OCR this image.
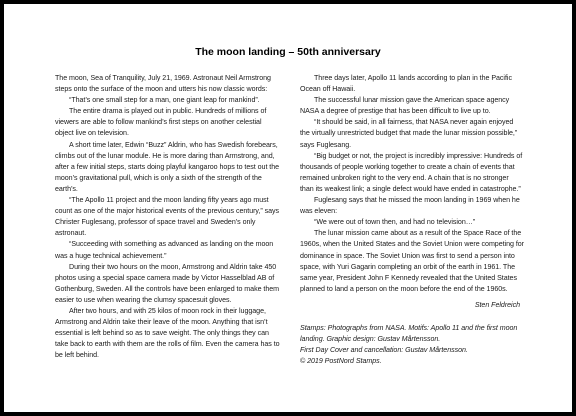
The moon landing – 50th anniversary

The moon, Sea of Tranquility, July 21, 1969. Astronaut Neil Armstrong steps onto the surface of the moon and utters his now classic words:

“That’s one small step for a man, one giant leap for mankind”.

The entire drama is played out in public. Hundreds of millions of viewers are able to follow mankind’s first steps on another celestial object live on television.

A short time later, Edwin “Buzz” Aldrin, who has Swedish forebears, climbs out of the lunar module. He is more daring than Armstrong, and, after a few initial steps, starts doing playful kangaroo hops to test out the moon’s gravitational pull, which is only a sixth of the strength of the earth’s.

“The Apollo 11 project and the moon landing fifty years ago must count as one of the major historical events of the previous century,” says Christer Fuglesang, professor of space travel and Sweden’s only astronaut.

“Succeeding with something as advanced as landing on the moon was a huge technical achievement.”

During their two hours on the moon, Armstrong and Aldrin take 450 photos using a special space camera made by Victor Hasselblad AB of Gothenburg, Sweden. All the controls have been enlarged to make them easier to use when wearing the clumsy spacesuit gloves.

After two hours, and with 25 kilos of moon rock in their luggage, Armstrong and Aldrin take their leave of the moon. Anything that isn’t essential is left behind so as to save weight. The only things they can take back to earth with them are the rolls of film. Even the camera has to be left behind.

Three days later, Apollo 11 lands according to plan in the Pacific Ocean off Hawaii.

The successful lunar mission gave the American space agency NASA a degree of prestige that has been difficult to live up to.

“It should be said, in all fairness, that NASA never again enjoyed the virtually unrestricted budget that made the lunar mission possible,” says Fuglesang.

“Big budget or not, the project is incredibly impressive: Hundreds of thousands of people working together to create a chain of events that remained unbroken right to the very end. A chain that is no stronger than its weakest link; a single defect would have ended in catastrophe.”

Fuglesang says that he missed the moon landing in 1969 when he was eleven:

“We were out of town then, and had no television…”

The lunar mission came about as a result of the Space Race of the 1960s, when the United States and the Soviet Union were competing for dominance in space. The Soviet Union was first to send a person into space, with Yuri Gagarin completing an orbit of the earth in 1961. The same year, President John F Kennedy revealed that the United States planned to land a person on the moon before the end of the 1960s.

Sten Feldreich

Stamps: Photographs from NASA. Motifs: Apollo 11 and the first moon landing. Graphic design: Gustav Mårtensson.
First Day Cover and cancellation: Gustav Mårtensson.
© 2019 PostNord Stamps.
